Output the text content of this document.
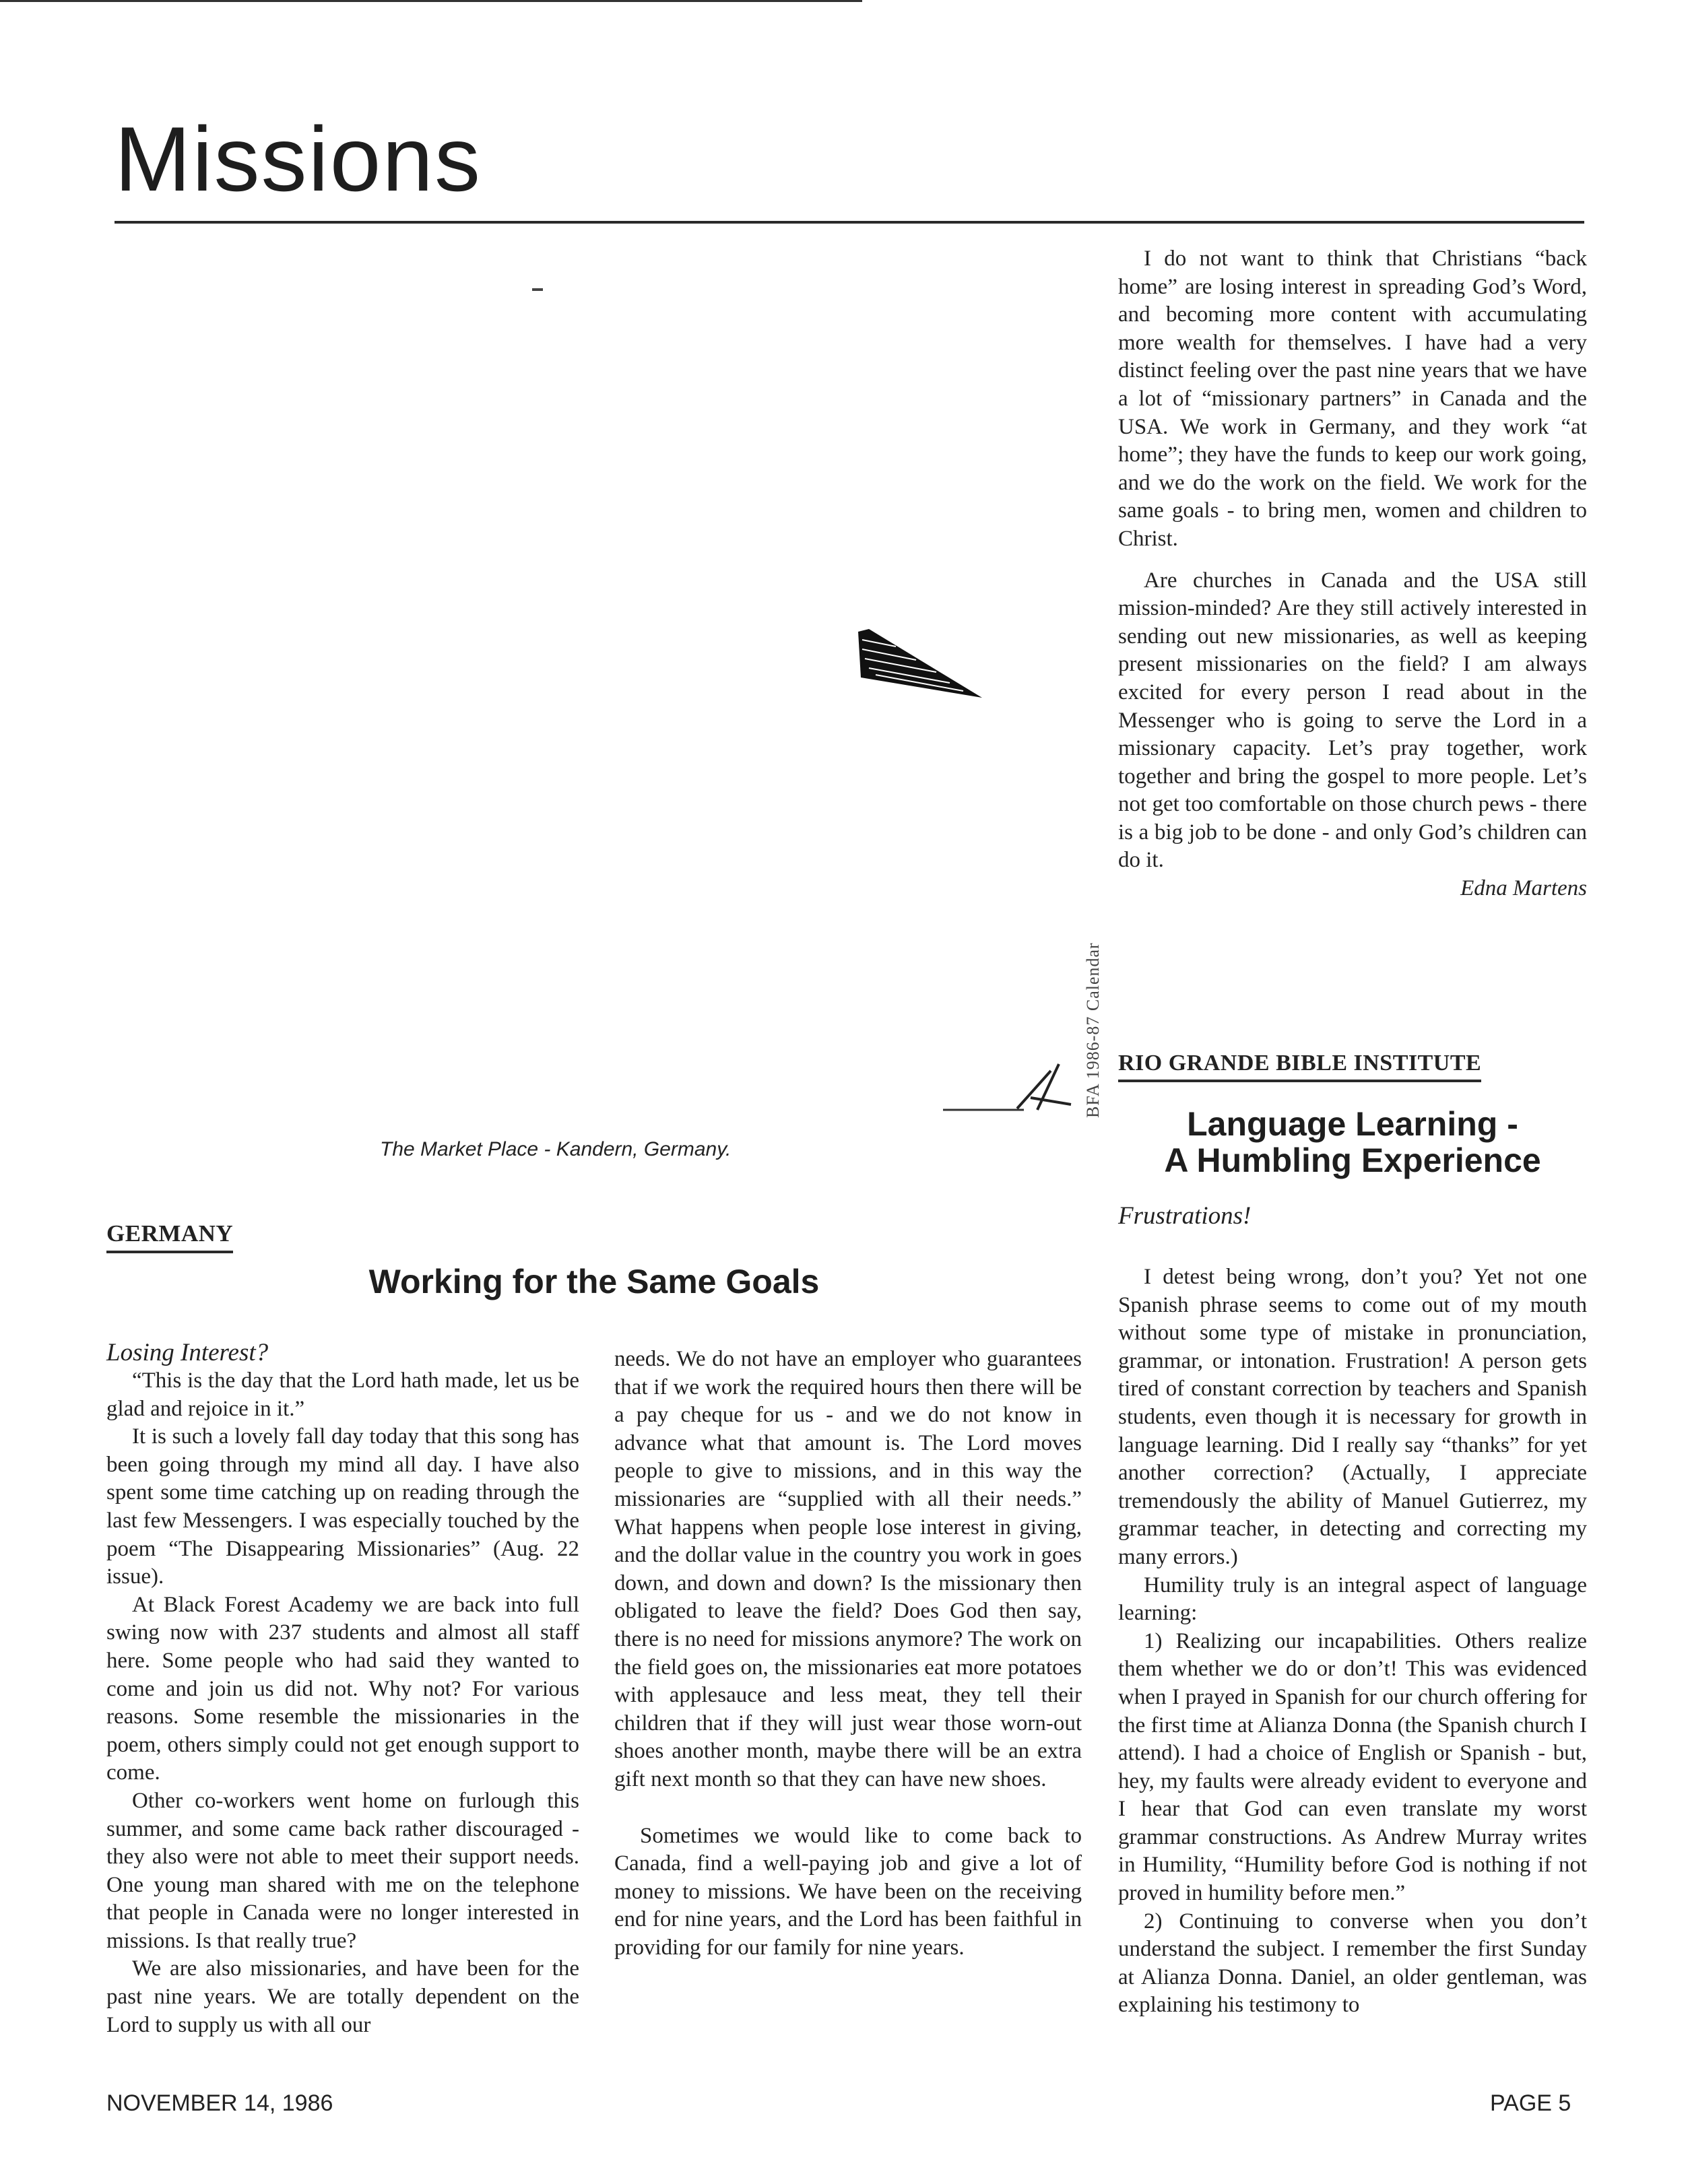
Missions
BFA 1986-87 Calendar
The Market Place - Kandern, Germany.

I do not want to think that Christians “back home” are losing interest in spreading God’s Word, and becoming more content with accumulating more wealth for themselves. I have had a very distinct feeling over the past nine years that we have a lot of “missionary partners” in Canada and the USA. We work in Germany, and they work “at home”; they have the funds to keep our work going, and we do the work on the field. We work for the same goals - to bring men, women and children to Christ.

Are churches in Canada and the USA still mission-minded? Are they still actively interested in sending out new missionaries, as well as keeping present missionaries on the field? I am always excited for every person I read about in the Messenger who is going to serve the Lord in a missionary capacity. Let’s pray together, work together and bring the gospel to more people. Let’s not get too comfortable on those church pews - there is a big job to be done - and only God’s children can do it.

Edna Martens
RIO GRANDE BIBLE INSTITUTE
Language Learning -
A Humbling Experience
Frustrations!

I detest being wrong, don’t you? Yet not one Spanish phrase seems to come out of my mouth without some type of mistake in pronunciation, grammar, or intonation. Frustration! A person gets tired of constant correction by teachers and Spanish students, even though it is necessary for growth in language learning. Did I really say “thanks” for yet another correction? (Actually, I appreciate tremendously the ability of Manuel Gutierrez, my grammar teacher, in detecting and correcting my many errors.)

Humility truly is an integral aspect of language learning:

1) Realizing our incapabilities. Others realize them whether we do or don’t! This was evidenced when I prayed in Spanish for our church offering for the first time at Alianza Donna (the Spanish church I attend). I had a choice of English or Spanish - but, hey, my faults were already evident to everyone and I hear that God can even translate my worst grammar constructions. As Andrew Murray writes in Humility, “Humility before God is nothing if not proved in humility before men.”

2) Continuing to converse when you don’t understand the subject. I remember the first Sunday at Alianza Donna. Daniel, an older gentleman, was explaining his testimony to

GERMANY
Working for the Same Goals
Losing Interest?

“This is the day that the Lord hath made, let us be glad and rejoice in it.”

It is such a lovely fall day today that this song has been going through my mind all day. I have also spent some time catching up on reading through the last few Messengers. I was especially touched by the poem “The Disappearing Missionaries” (Aug. 22 issue).

At Black Forest Academy we are back into full swing now with 237 students and almost all staff here. Some people who had said they wanted to come and join us did not. Why not? For various reasons. Some resemble the missionaries in the poem, others simply could not get enough support to come.

Other co-workers went home on furlough this summer, and some came back rather discouraged - they also were not able to meet their support needs. One young man shared with me on the telephone that people in Canada were no longer interested in missions. Is that really true?

We are also missionaries, and have been for the past nine years. We are totally dependent on the Lord to supply us with all our

needs. We do not have an employer who guarantees that if we work the required hours then there will be a pay cheque for us - and we do not know in advance what that amount is. The Lord moves people to give to missions, and in this way the missionaries are “supplied with all their needs.” What happens when people lose interest in giving, and the dollar value in the country you work in goes down, and down and down? Is the missionary then obligated to leave the field? Does God then say, there is no need for missions anymore? The work on the field goes on, the missionaries eat more potatoes with applesauce and less meat, they tell their children that if they will just wear those worn-out shoes another month, maybe there will be an extra gift next month so that they can have new shoes.

Sometimes we would like to come back to Canada, find a well-paying job and give a lot of money to missions. We have been on the receiving end for nine years, and the Lord has been faithful in providing for our family for nine years.

NOVEMBER 14, 1986	PAGE 5
